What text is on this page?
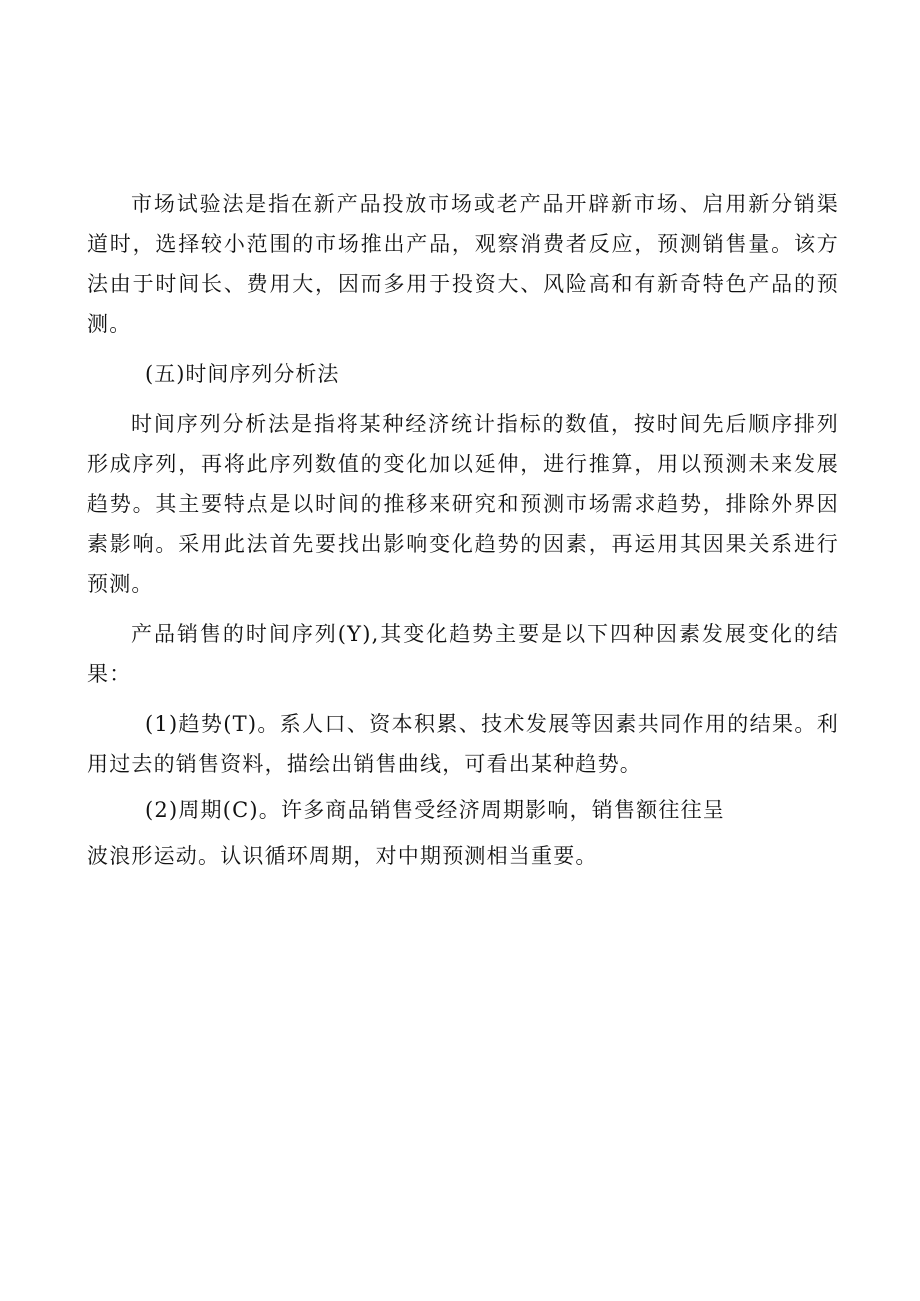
市场试验法是指在新产品投放市场或老产品开辟新市场、启用新分销渠道时，选择较小范围的市场推出产品，观察消费者反应，预测销售量。该方法由于时间长、费用大，因而多用于投资大、风险高和有新奇特色产品的预测。

(五)时间序列分析法

时间序列分析法是指将某种经济统计指标的数值，按时间先后顺序排列形成序列，再将此序列数值的变化加以延伸，进行推算，用以预测未来发展趋势。其主要特点是以时间的推移来研究和预测市场需求趋势，排除外界因素影响。采用此法首先要找出影响变化趋势的因素，再运用其因果关系进行预测。

产品销售的时间序列(Y),其变化趋势主要是以下四种因素发展变化的结果：

(1)趋势(T)。系人口、资本积累、技术发展等因素共同作用的结果。利用过去的销售资料，描绘出销售曲线，可看出某种趋势。

(2)周期(C)。许多商品销售受经济周期影响，销售额往往呈

波浪形运动。认识循环周期，对中期预测相当重要。
